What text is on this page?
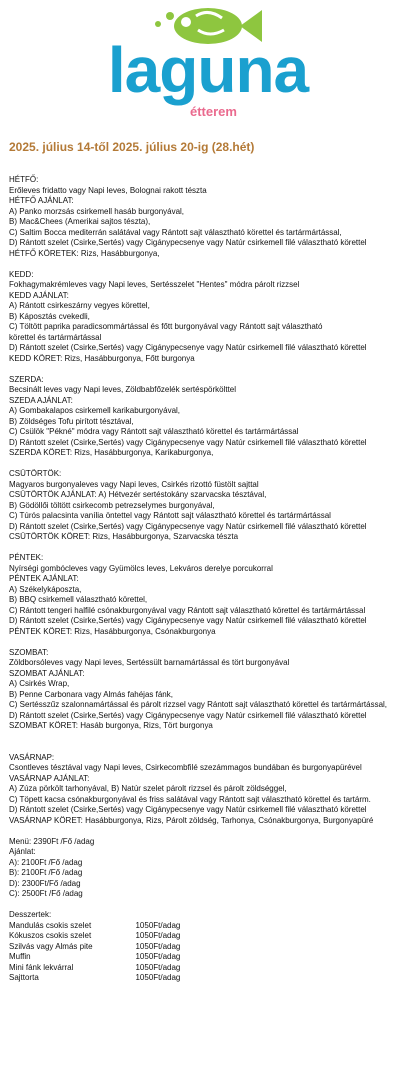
laguna
étterem
2025. július 14-től 2025. július 20-ig (28.hét)
HÉTFŐ:
Erőleves fridatto vagy Napi leves, Bolognai rakott tészta
HÉTFŐ AJÁNLAT:
A) Panko morzsás csirkemell hasáb burgonyával,
B) Mac&Chees (Amerikai sajtos tészta),
C) Saltim Bocca mediterrán salátával vagy Rántott sajt választható körettel és tartármártással,
D) Rántott szelet (Csirke,Sertés) vagy Cigánypecsenye vagy Natúr csirkemell filé választható körettel
HÉTFŐ KÖRETEK: Rizs, Hasábburgonya,
KEDD:
Fokhagymakrémleves vagy Napi leves, Sertésszelet "Hentes" módra párolt rizzsel
KEDD AJÁNLAT:
A) Rántott csirkeszárny vegyes körettel,
B) Káposztás cvekedli,
C) Töltött paprika paradicsommártással és főtt burgonyával vagy Rántott sajt választható
körettel és tartármártással
D) Rántott szelet (Csirke,Sertés) vagy Cigánypecsenye vagy Natúr csirkemell filé választható körettel
KEDD KÖRET: Rizs, Hasábburgonya, Főtt burgonya
SZERDA:
Becsinált leves vagy Napi leves, Zöldbabfőzelék sertéspörkölttel
SZEDA AJÁNLAT:
A) Gombakalapos csirkemell karikaburgonyával,
B) Zöldséges Tofu pirított tésztával,
C) Csülök "Pékné" módra vagy Rántott sajt választható körettel és tartármártással
D) Rántott szelet (Csirke,Sertés) vagy Cigánypecsenye vagy Natúr csirkemell filé választható körettel
SZERDA KÖRET: Rizs, Hasábburgonya, Karikaburgonya,
CSÜTÖRTÖK:
Magyaros burgonyaleves vagy Napi leves, Csirkés rizottó füstölt sajttal
CSÜTÖRTÖK AJÁNLAT: A) Hétvezér sertéstokány szarvacska tésztával,
B) Gödöllői töltött csirkecomb petrezselymes burgonyával,
C) Túrós palacsinta vanília öntettel vagy Rántott sajt választható körettel és tartármártással
D) Rántott szelet (Csirke,Sertés) vagy Cigánypecsenye vagy Natúr csirkemell filé választható körettel
CSÜTÖRTÖK KÖRET: Rizs, Hasábburgonya, Szarvacska tészta
PÉNTEK:
Nyírségi gombócleves vagy Gyümölcs leves, Lekváros derelye porcukorral
PÉNTEK AJÁNLAT:
A) Székelykáposzta,
B) BBQ csirkemell választható körettel,
C) Rántott tengeri halfilé csónakburgonyával vagy Rántott sajt választható körettel és tartármártással
D) Rántott szelet (Csirke,Sertés) vagy Cigánypecsenye vagy Natúr csirkemell filé választható körettel
PÉNTEK KÖRET: Rizs, Hasábburgonya, Csónakburgonya
SZOMBAT:
Zöldborsóleves vagy Napi leves, Sertéssült barnamártással és tört burgonyával
SZOMBAT AJÁNLAT:
A) Csirkés Wrap,
B) Penne Carbonara vagy Almás fahéjas fánk,
C) Sertésszűz szalonnamártással és párolt rizzsel vagy Rántott sajt választható körettel és tartármártással,
D) Rántott szelet (Csirke,Sertés) vagy Cigánypecsenye vagy Natúr csirkemell filé választható körettel
SZOMBAT KÖRET: Hasáb burgonya, Rizs, Tört burgonya
VASÁRNAP:
Csontleves tésztával vagy Napi leves, Csirkecombfilé szezámmagos bundában és burgonyapürével
VASÁRNAP AJÁNLAT:
A) Zúza pörkölt tarhonyával, B) Natúr szelet párolt rizzsel és párolt zöldséggel,
C) Töpett kacsa csónakburgonyával és friss salátával vagy Rántott sajt választható körettel és tartárm.
D) Rántott szelet (Csirke,Sertés) vagy Cigánypecsenye vagy Natúr csirkemell filé választható körettel
VASÁRNAP KÖRET: Hasábburgonya, Rizs, Párolt zöldség, Tarhonya, Csónakburgonya, Burgonyapüré
Menü: 2390Ft /Fő /adag
Ajánlat:
A): 2100Ft /Fő /adag
B): 2100Ft /Fő /adag
D): 2300Ft/Fő /adag
C): 2500Ft /Fő /adag
Desszertek:
Mandulás csokis szelet	1050Ft/adag
Kókuszos csokis szelet	1050Ft/adag
Szilvás vagy Almás pite	1050Ft/adag
Muffin	1050Ft/adag
Mini fánk lekvárral	1050Ft/adag
Sajttorta	1050Ft/adag
